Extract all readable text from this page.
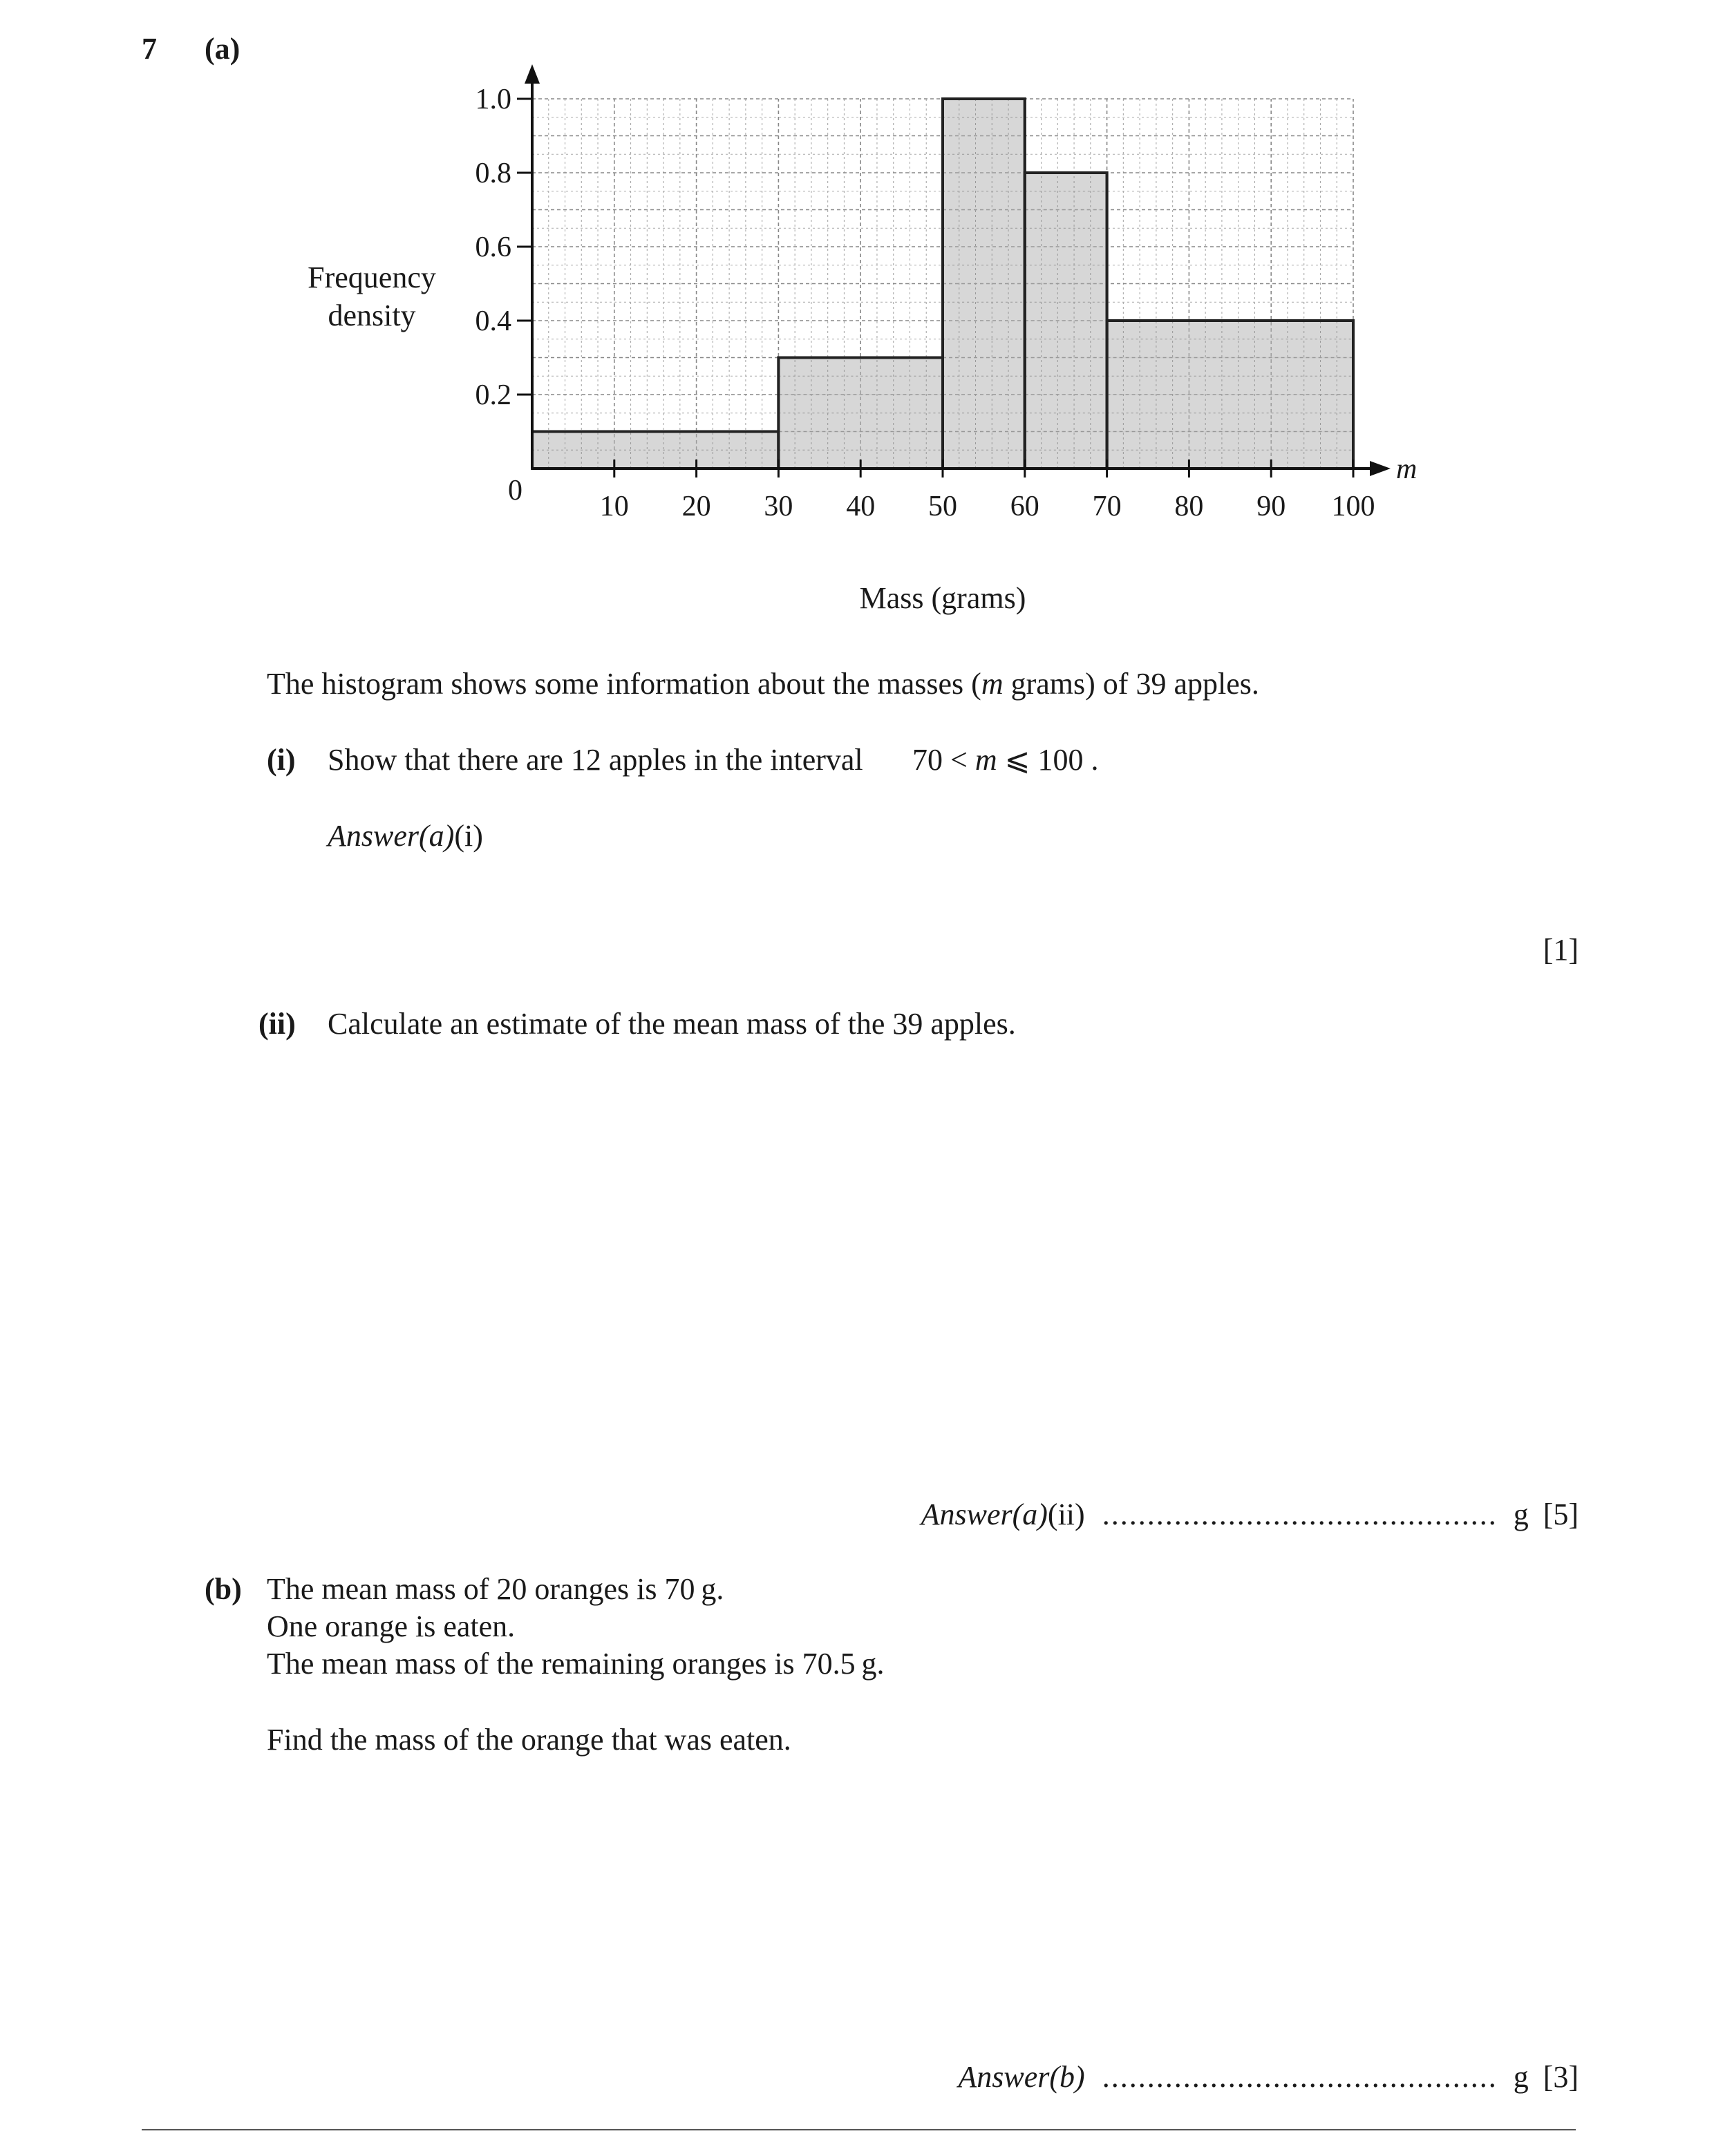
7 (a)
10 20 30 40 50 60 70 80 90 100
0.2
0.4
0.6
0.8
1.0
0
m
Mass (grams)
Frequency
density
The histogram shows some information about the masses (m grams) of 39 apples.
(i) Show that there are 12 apples in the interval 70 < m ⩽ 100 .
Answer(a)(i)
[1]
(ii) Calculate an estimate of the mean mass of the 39 apples.
Answer(a)(ii) ............................................ g [5]
(b) The mean mass of 20 oranges is 70 g.
One orange is eaten.
The mean mass of the remaining oranges is 70.5 g.
Find the mass of the orange that was eaten.
Answer(b) ............................................ g [3]
